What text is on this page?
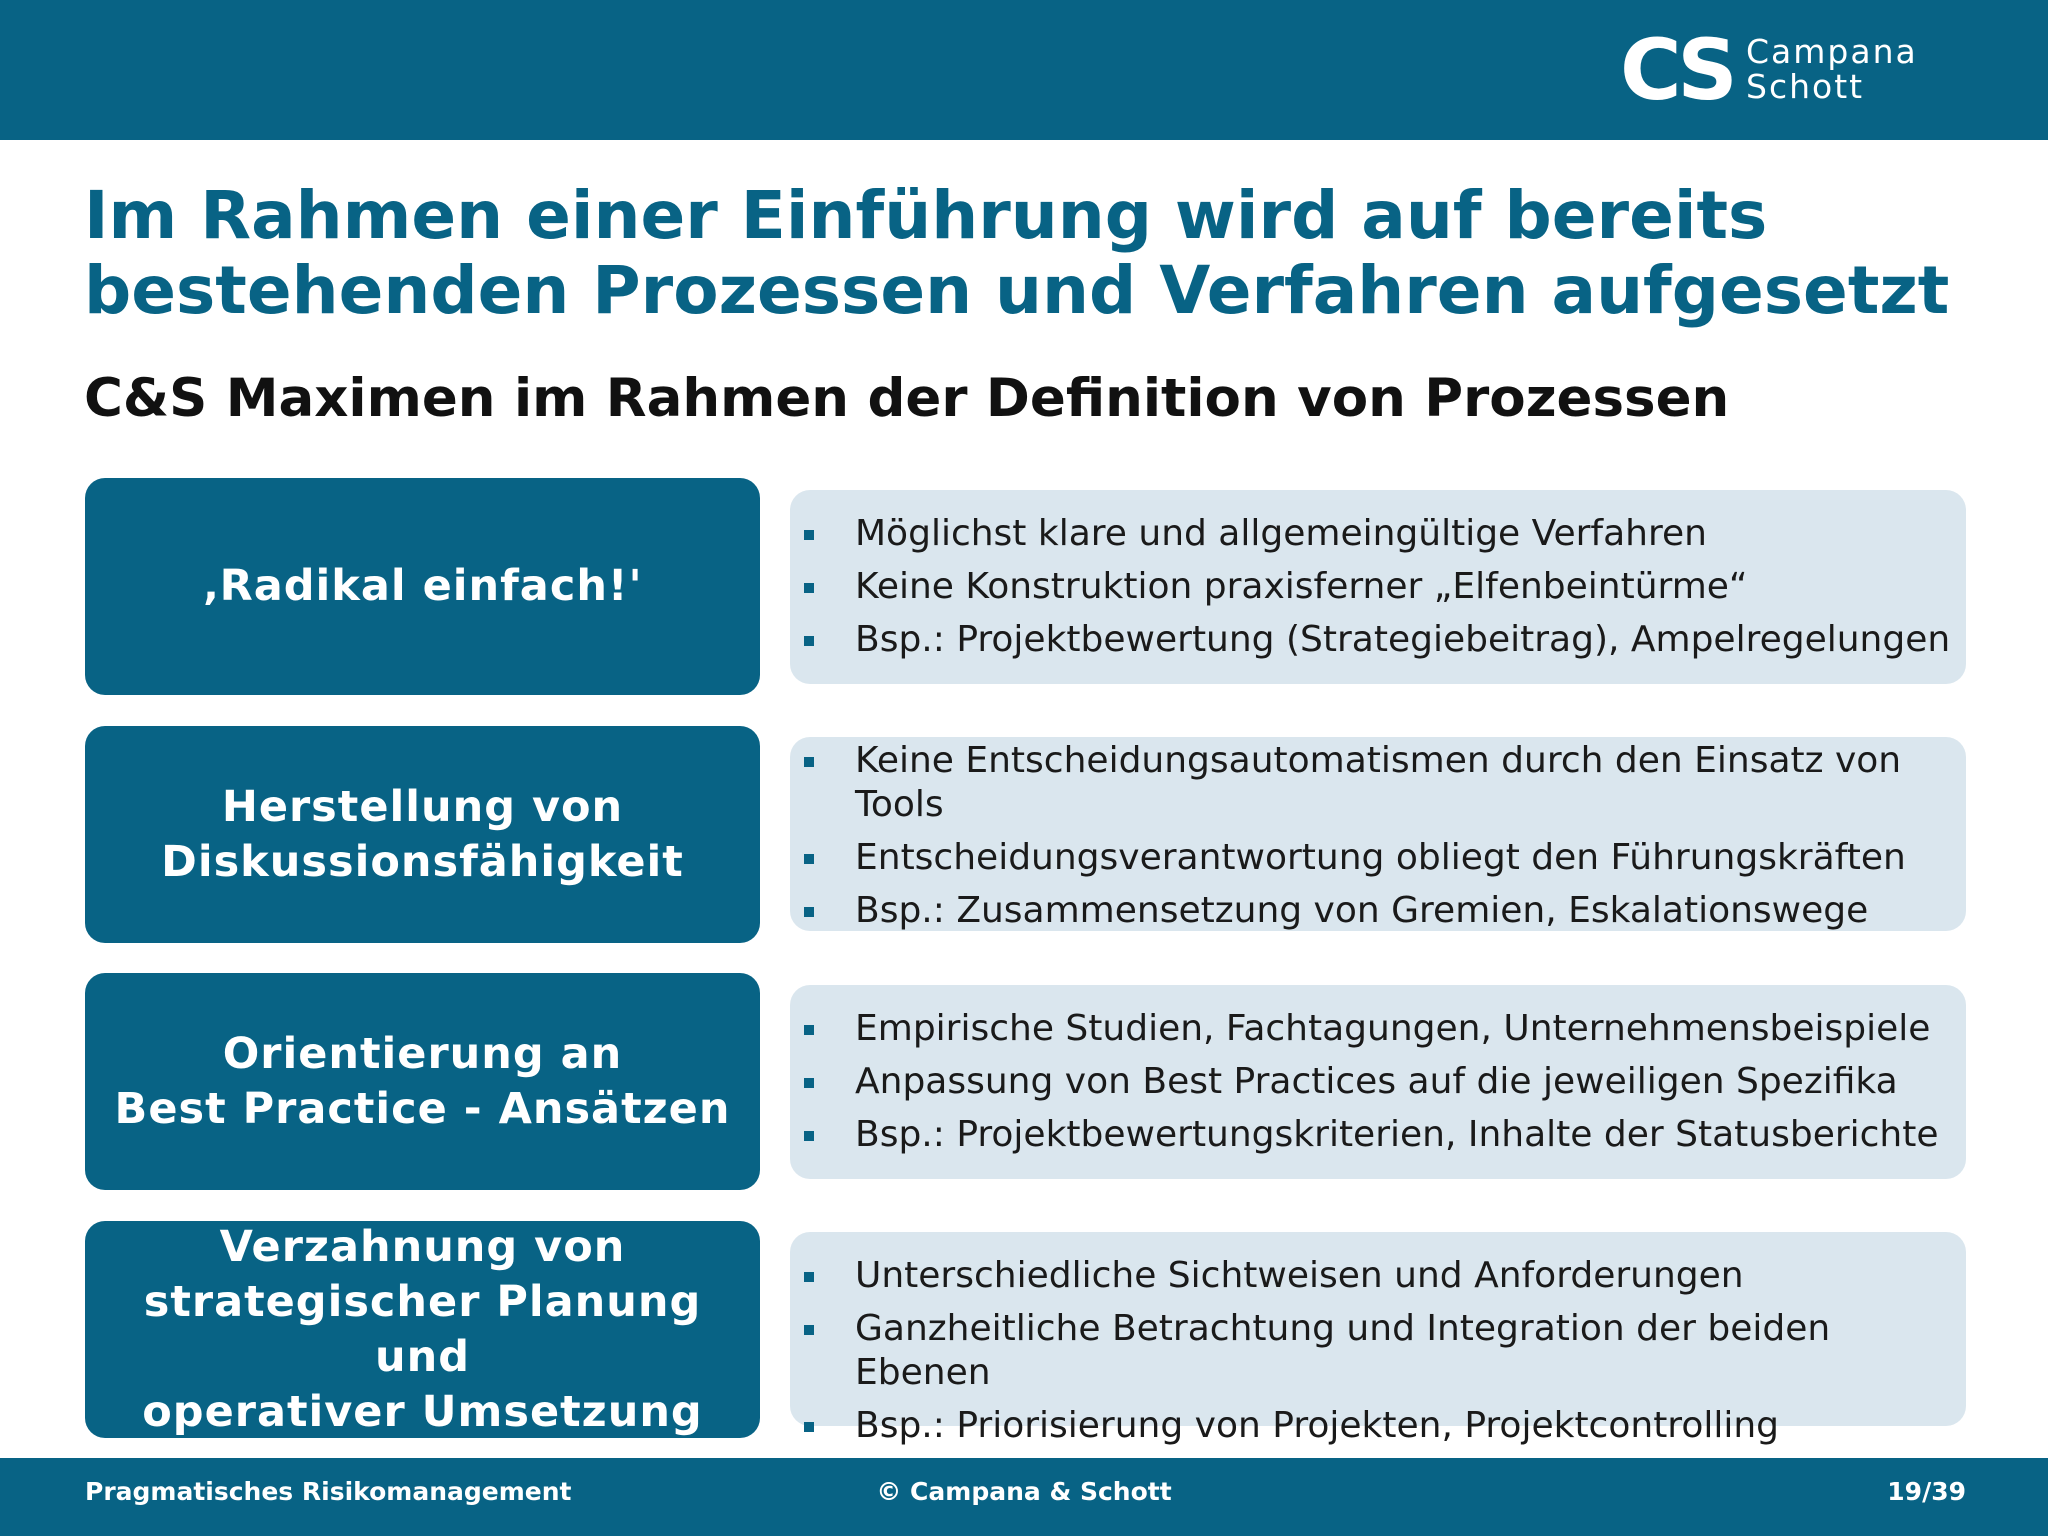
CS Campana
Schott
Im Rahmen einer Einführung wird auf bereits bestehenden Prozessen und Verfahren aufgesetzt
C&S Maximen im Rahmen der Definition von Prozessen
‚Radikal einfach!'
Möglichst klare und allgemeingültige Verfahren
Keine Konstruktion praxisferner „Elfenbeintürme“
Bsp.: Projektbewertung (Strategiebeitrag), Ampelregelungen
Herstellung von
Diskussionsfähigkeit
Keine Entscheidungsautomatismen durch den Einsatz von Tools
Entscheidungsverantwortung obliegt den Führungskräften
Bsp.: Zusammensetzung von Gremien, Eskalationswege
Orientierung an
Best Practice - Ansätzen
Empirische Studien, Fachtagungen, Unternehmensbeispiele
Anpassung von Best Practices auf die jeweiligen Spezifika
Bsp.: Projektbewertungskriterien, Inhalte der Statusberichte
Verzahnung von
strategischer Planung und
operativer Umsetzung
Unterschiedliche Sichtweisen und Anforderungen
Ganzheitliche Betrachtung und Integration der beiden Ebenen
Bsp.: Priorisierung von Projekten, Projektcontrolling
Pragmatisches Risikomanagement	© Campana & Schott	19/39
